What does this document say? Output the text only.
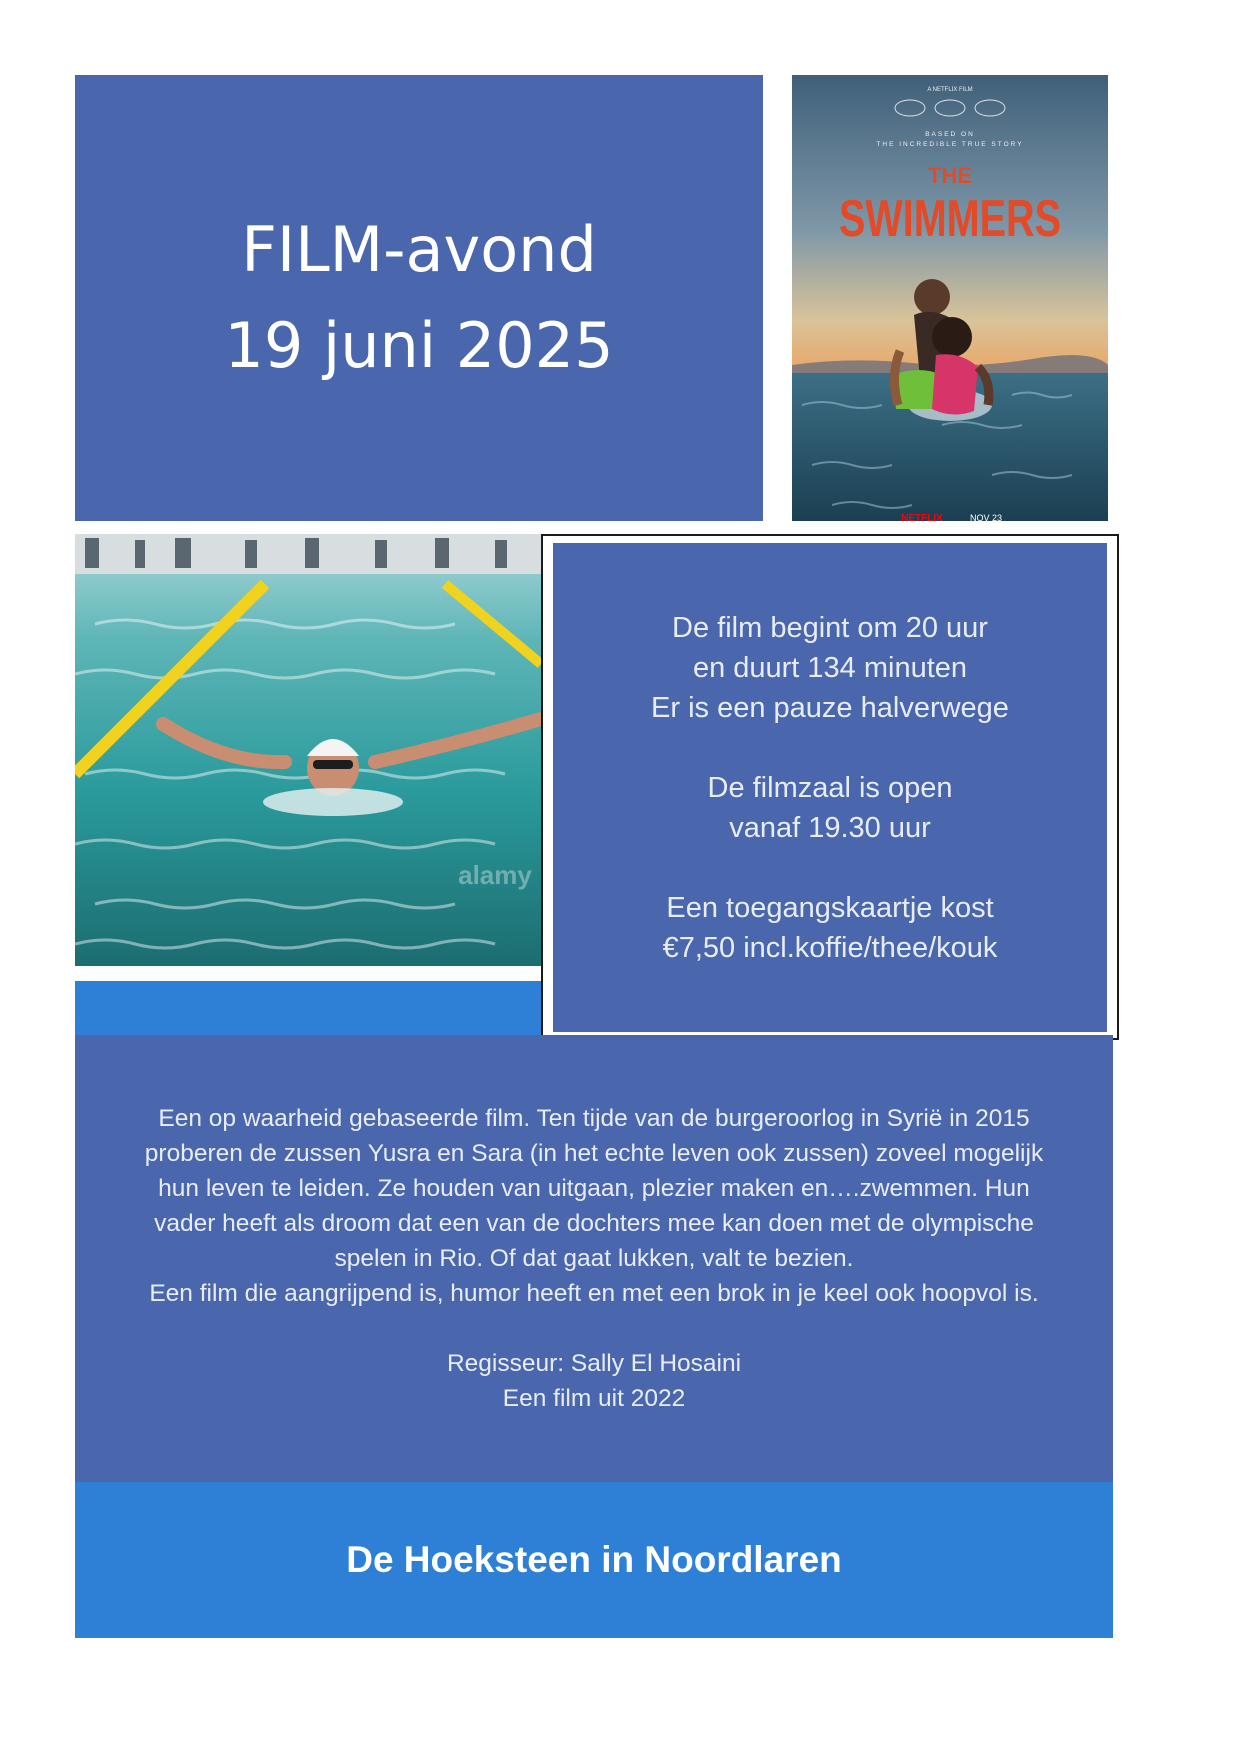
FILM-avond
19 juni 2025
A NETFLIX FILM
BASED ON
THE INCREDIBLE TRUE STORY
THE
SWIMMERS
NETFLIX	NOV 23
alamy
De film begint om 20 uur
en duurt 134 minuten
Er is een pauze halverwege
De filmzaal is open
vanaf 19.30 uur
Een toegangskaartje kost
€7,50 incl.koffie/thee/kouk
Een op waarheid gebaseerde film. Ten tijde van de burgeroorlog in Syrië in 2015
proberen de zussen Yusra en Sara (in het echte leven ook zussen) zoveel mogelijk
hun leven te leiden. Ze houden van uitgaan, plezier maken en….zwemmen. Hun
vader heeft als droom dat een van de dochters mee kan doen met de olympische
spelen in Rio. Of dat gaat lukken, valt te bezien.
Een film die aangrijpend is, humor heeft en met een brok in je keel ook hoopvol is.
Regisseur: Sally El Hosaini
Een film uit 2022
De Hoeksteen in Noordlaren
